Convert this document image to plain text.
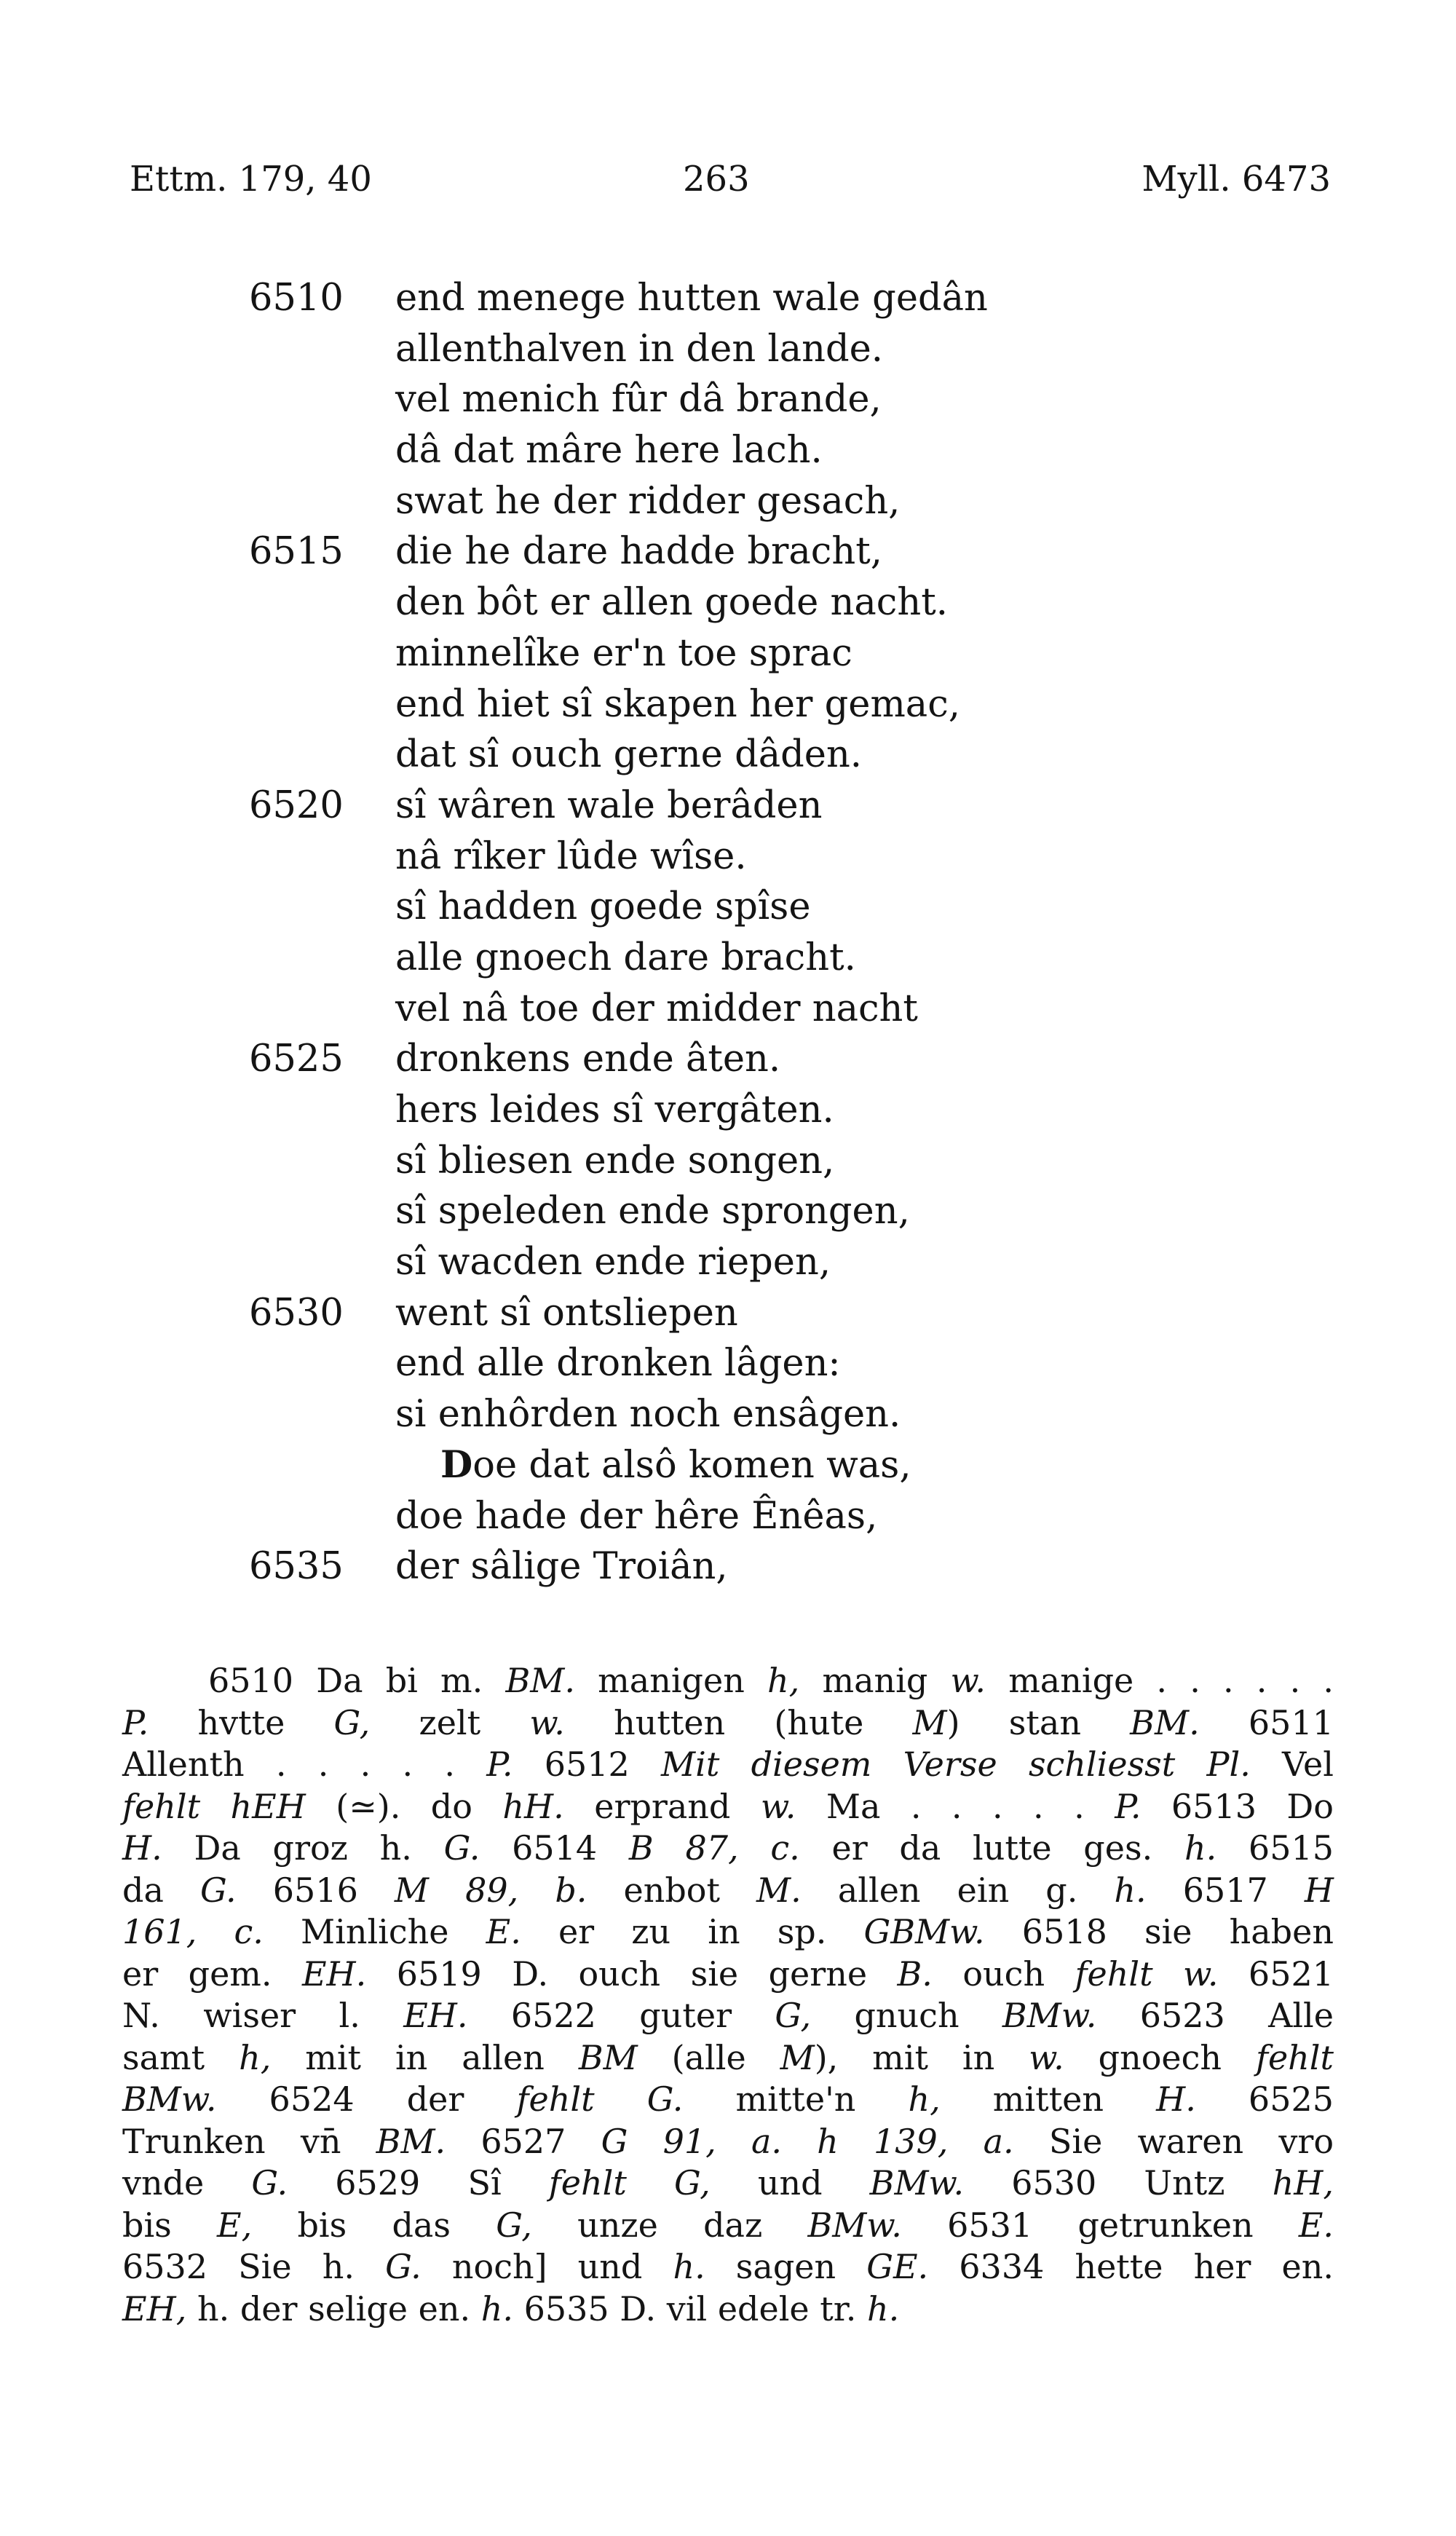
Ettm. 179, 40	263	Myll. 6473
6510 end menege hutten wale gedân
allenthalven in den lande.
vel menich fûr dâ brande,
dâ dat mâre here lach.
swat he der ridder gesach,
6515 die he dare hadde bracht,
den bôt er allen goede nacht.
minnelîke er'n toe sprac
end hiet sî skapen her gemac,
dat sî ouch gerne dâden.
6520 sî wâren wale berâden
nâ rîker lûde wîse.
sî hadden goede spîse
alle gnoech dare bracht.
vel nâ toe der midder nacht
6525 dronkens ende âten.
hers leides sî vergâten.
sî bliesen ende songen,
sî speleden ende sprongen,
sî wacden ende riepen,
6530 went sî ontsliepen
end alle dronken lâgen:
si enhôrden noch ensâgen.
Doe dat alsô komen was,
doe hade der hêre Ênêas,
6535 der sâlige Troiân,
6510 Da bi m. BM. manigen h, manig w. manige . . . . . .
P. hvtte G, zelt w. hutten (hute M) stan BM. 6511
Allenth . . . . . P. 6512 Mit diesem Verse schliesst Pl. Vel
fehlt hEH (≃). do hH. erprand w. Ma . . . . . P. 6513 Do
H. Da groz h. G. 6514 B 87, c. er da lutte ges. h. 6515
da G. 6516 M 89, b. enbot M. allen ein g. h. 6517 H
161, c. Minliche E. er zu in sp. GBMw. 6518 sie haben
er gem. EH. 6519 D. ouch sie gerne B. ouch fehlt w. 6521
N. wiser l. EH. 6522 guter G, gnuch BMw. 6523 Alle
samt h, mit in allen BM (alle M), mit in w. gnoech fehlt
BMw. 6524 der fehlt G. mitte'n h, mitten H. 6525
Trunken vn̄ BM. 6527 G 91, a. h 139, a. Sie waren vro
vnde G. 6529 Sî fehlt G, und BMw. 6530 Untz hH,
bis E, bis das G, unze daz BMw. 6531 getrunken E.
6532 Sie h. G. noch] und h. sagen GE. 6334 hette her en.
EH, h. der selige en. h. 6535 D. vil edele tr. h.
